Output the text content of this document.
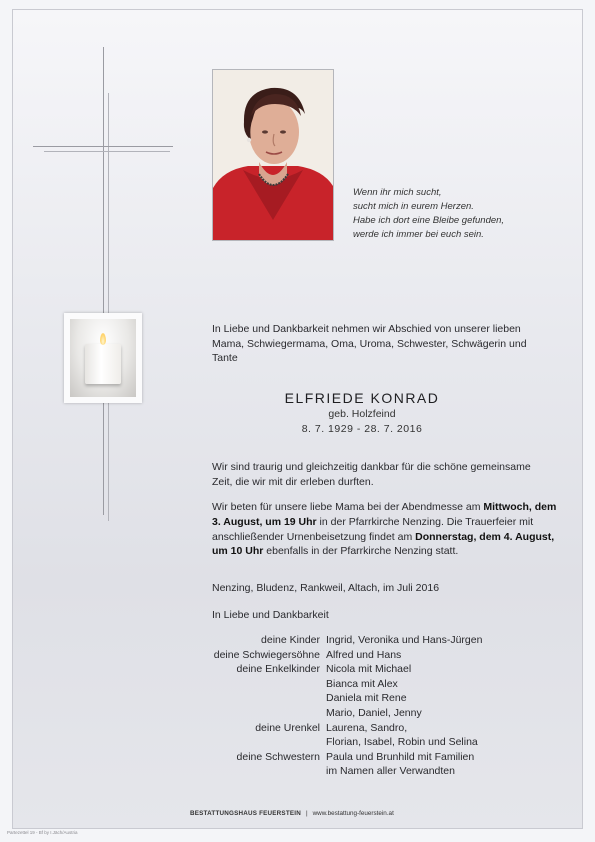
Wenn ihr mich sucht,
sucht mich in eurem Herzen.
Habe ich dort eine Bleibe gefunden,
werde ich immer bei euch sein.
In Liebe und Dankbarkeit nehmen wir Abschied von unserer lieben Mama, Schwiegermama, Oma, Uroma, Schwester, Schwägerin und Tante
ELFRIEDE KONRAD
geb. Holzfeind
8. 7. 1929 - 28. 7. 2016
Wir sind traurig und gleichzeitig dankbar für die schöne gemeinsame Zeit, die wir mit dir erleben durften.
Wir beten für unsere liebe Mama bei der Abendmesse am Mittwoch, dem 3. August, um 19 Uhr in der Pfarrkirche Nenzing. Die Trauerfeier mit anschließender Urnenbeisetzung findet am Donnerstag, dem 4. August, um 10 Uhr ebenfalls in der Pfarrkirche Nenzing statt.
Nenzing, Bludenz, Rankweil, Altach, im Juli 2016
In Liebe und Dankbarkeit
deine Kinder Ingrid, Veronika und Hans-Jürgen
deine Schwiegersöhne Alfred und Hans
deine Enkelkinder Nicola mit Michael
Bianca mit Alex
Daniela mit Rene
Mario, Daniel, Jenny
deine Urenkel Laurena, Sandro,
Florian, Isabel, Robin und Selina
deine Schwestern Paula und Brunhild mit Familien
im Namen aller Verwandten
BESTATTUNGSHAUS FEUERSTEIN | www.bestattung-feuerstein.at
Partezettel 19 - Bf by I.Jäch/Austria
